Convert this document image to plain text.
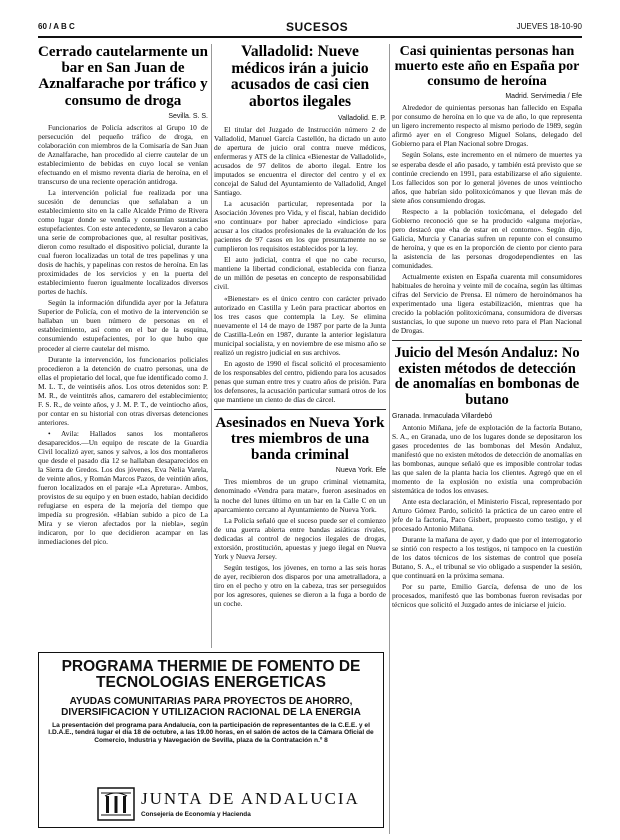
60 / A B C	SUCESOS	JUEVES 18-10-90
Cerrado cautelarmente un bar en San Juan de Aznalfarache por tráfico y consumo de droga
Sevilla. S. S.

Funcionarios de Policía adscritos al Grupo 10 de persecución del pequeño tráfico de droga, en colaboración con miembros de la Comisaría de San Juan de Aznalfarache, han procedido al cierre cautelar de un establecimiento de bebidas en cuyo local se venían efectuando en el mismo reventa diaria de heroína, en el transcurso de una reciente operación antidroga.

La intervención policial fue realizada por una sucesión de denuncias que señalaban a un establecimiento sito en la calle Alcalde Primo de Rivera como lugar donde se vendía y consumían sustancias estupefacientes. Con este antecedente, se llevaron a cabo una serie de comprobaciones que, al resultar positivas, dieron como resultado el dispositivo policial, durante la cual fueron localizadas un total de tres papelinas y una dosis de hachís, y papelinas con restos de heroína. En las proximidades de los servicios y en la puerta del establecimiento fueron igualmente localizados diversos portes de hachís.

Según la información difundida ayer por la Jefatura Superior de Policía, con el motivo de la intervención se hallaban un buen número de personas en el establecimiento, así como en el bar de la esquina, consumiendo estupefacientes, por lo que hubo que proceder al cierre cautelar del mismo.

Durante la intervención, los funcionarios policiales procedieron a la detención de cuatro personas, una de ellas el propietario del local, que fue identificado como J. M. L. T., de veintiséis años. Los otros detenidos son: P. M. R., de veintitrés años, camarero del establecimiento; F. S. R., de veinte años, y J. M. P. T., de veintiocho años, por contar en su historial con otras diversas detenciones anteriores.

• Avila: Hallados sanos los montañeros desaparecidos.—Un equipo de rescate de la Guardia Civil localizó ayer, sanos y salvos, a los dos montañeros que desde el pasado día 12 se hallaban desaparecidos en la Sierra de Gredos. Los dos jóvenes, Eva Nelia Varela, de veinte años, y Román Marcos Pazos, de veintiún años, fueron localizados en el paraje «La Apretura». Ambos, provistos de su equipo y en buen estado, habían decidido refugiarse en espera de la mejoría del tiempo que impedía su progresión. «Habían subido a pico de La Mira y se vieron afectados por la niebla», según indicaron, por lo que decidieron acampar en las inmediaciones del pico.

Valladolid: Nueve médicos irán a juicio acusados de casi cien abortos ilegales
Valladolid. E. P.

El titular del Juzgado de Instrucción número 2 de Valladolid, Manuel García Castellón, ha dictado un auto de apertura de juicio oral contra nueve médicos, enfermeras y ATS de la clínica «Bienestar de Valladolid», acusados de 97 delitos de aborto ilegal. Entre los imputados se encuentra el director del centro y el ex concejal de Salud del Ayuntamiento de Valladolid, Angel Santiago.

La acusación particular, representada por la Asociación Jóvenes pro Vida, y el fiscal, habían decidido «no continuar» por haber apreciado «indicios» para acusar a los citados profesionales de la evaluación de los pacientes de 97 casos en los que presuntamente no se cumplieron los requisitos establecidos por la ley.

El auto judicial, contra el que no cabe recurso, mantiene la libertad condicional, establecida con fianza de un millón de pesetas en concepto de responsabilidad civil.

«Bienestar» es el único centro con carácter privado autorizado en Castilla y León para practicar abortos en los tres casos que contempla la Ley. Se elimina nuevamente el 14 de mayo de 1987 por parte de la Junta de Castilla-León en 1987, durante la anterior legislatura municipal socialista, y en noviembre de ese mismo año se realizó un registro judicial en sus archivos.

En agosto de 1990 el fiscal solicitó el procesamiento de los responsables del centro, pidiendo para los acusados penas que suman entre tres y cuatro años de prisión. Para los defensores, la acusación particular sumará otros de los que mantiene un ciento de días de cárcel.

Asesinados en Nueva York tres miembros de una banda criminal
Nueva York. Efe

Tres miembros de un grupo criminal vietnamita, denominado «Vendra para matar», fueron asesinados en la noche del lunes último en un bar en la Calle C en un aparcamiento cercano al Ayuntamiento de Nueva York.

La Policía señaló que el suceso puede ser el comienzo de una guerra abierta entre bandas asiáticas rivales, dedicadas al control de negocios ilegales de drogas, extorsión, prostitución, apuestas y juego ilegal en Nueva York y Nueva Jersey.

Según testigos, los jóvenes, en torno a las seis horas de ayer, recibieron dos disparos por una ametralladora, a tiro en el pecho y otro en la cabeza, tras ser perseguidos por los agresores, quienes se dieron a la fuga a bordo de un coche.

Casi quinientas personas han muerto este año en España por consumo de heroína
Madrid. Servimedia / Efe

Alrededor de quinientas personas han fallecido en España por consumo de heroína en lo que va de año, lo que representa un ligero incremento respecto al mismo periodo de 1989, según afirmó ayer en el Congreso Miguel Solans, delegado del Gobierno para el Plan Nacional sobre Drogas.

Según Solans, este incremento en el número de muertes ya se esperaba desde el año pasado, y también está previsto que se continúe creciendo en 1991, para estabilizarse el año siguiente. Los fallecidos son por lo general jóvenes de unos veintiocho años, que habrían sido politoxicómanos y que llevan más de siete años consumiendo drogas.

Respecto a la población toxicómana, el delegado del Gobierno reconoció que se ha producido «alguna mejoría», pero destacó que «ha de estar en el contorno». Según dijo, Galicia, Murcia y Canarias sufren un repunte con el consumo de heroína, y que es en la proporción de ciento por ciento para la asistencia de las personas drogodependientes en las comunidades.

Actualmente existen en España cuarenta mil consumidores habituales de heroína y veinte mil de cocaína, según las últimas cifras del Servicio de Prensa. El número de heroinómanos ha experimentado una ligera estabilización, mientras que ha crecido la población politoxicómana, consumidora de diversas sustancias, lo que supone un nuevo reto para el Plan Nacional de Drogas.

Juicio del Mesón Andaluz: No existen métodos de detección de anomalías en bombonas de butano
Granada. Inmaculada Villardebó

Antonio Miñana, jefe de explotación de la factoría Butano, S. A., en Granada, uno de los lugares donde se depositaron los gases procedentes de las bombonas del Mesón Andaluz, manifestó que no existen métodos de detección de anomalías en las bombonas, aunque señaló que es imposible controlar todas las que salen de la planta hacia los clientes. Agregó que en el momento de la explosión no existía una comprobación sistemática de todos los envases.

Ante esta declaración, el Ministerio Fiscal, representado por Arturo Gómez Pardo, solicitó la práctica de un careo entre el jefe de la factoría, Paco Gisbert, propuesto como testigo, y el procesado Antonio Miñana.

Durante la mañana de ayer, y dado que por el interrogatorio se sintió con respecto a los testigos, ni tampoco en la cuestión de los datos técnicos de los sistemas de control que poseía Butano, S. A., el tribunal se vio obligado a suspender la sesión, que continuará en la próxima semana.

Por su parte, Emilio García, defensa de uno de los procesados, manifestó que las bombonas fueron revisadas por técnicos que solicitó el Juzgado antes de iniciarse el juicio.

PROGRAMA THERMIE DE FOMENTO DE TECNOLOGIAS ENERGETICAS
AYUDAS COMUNITARIAS PARA PROYECTOS DE AHORRO, DIVERSIFICACION Y UTILIZACION RACIONAL DE LA ENERGIA
La presentación del programa para Andalucía, con la participación de representantes de la C.E.E. y el I.D.A.E., tendrá lugar el día 18 de octubre, a las 19.00 horas, en el salón de actos de la Cámara Oficial de Comercio, Industria y Navegación de Sevilla, plaza de la Contratación n.º 8
JUNTA DE ANDALUCIA
Consejería de Economía y Hacienda
